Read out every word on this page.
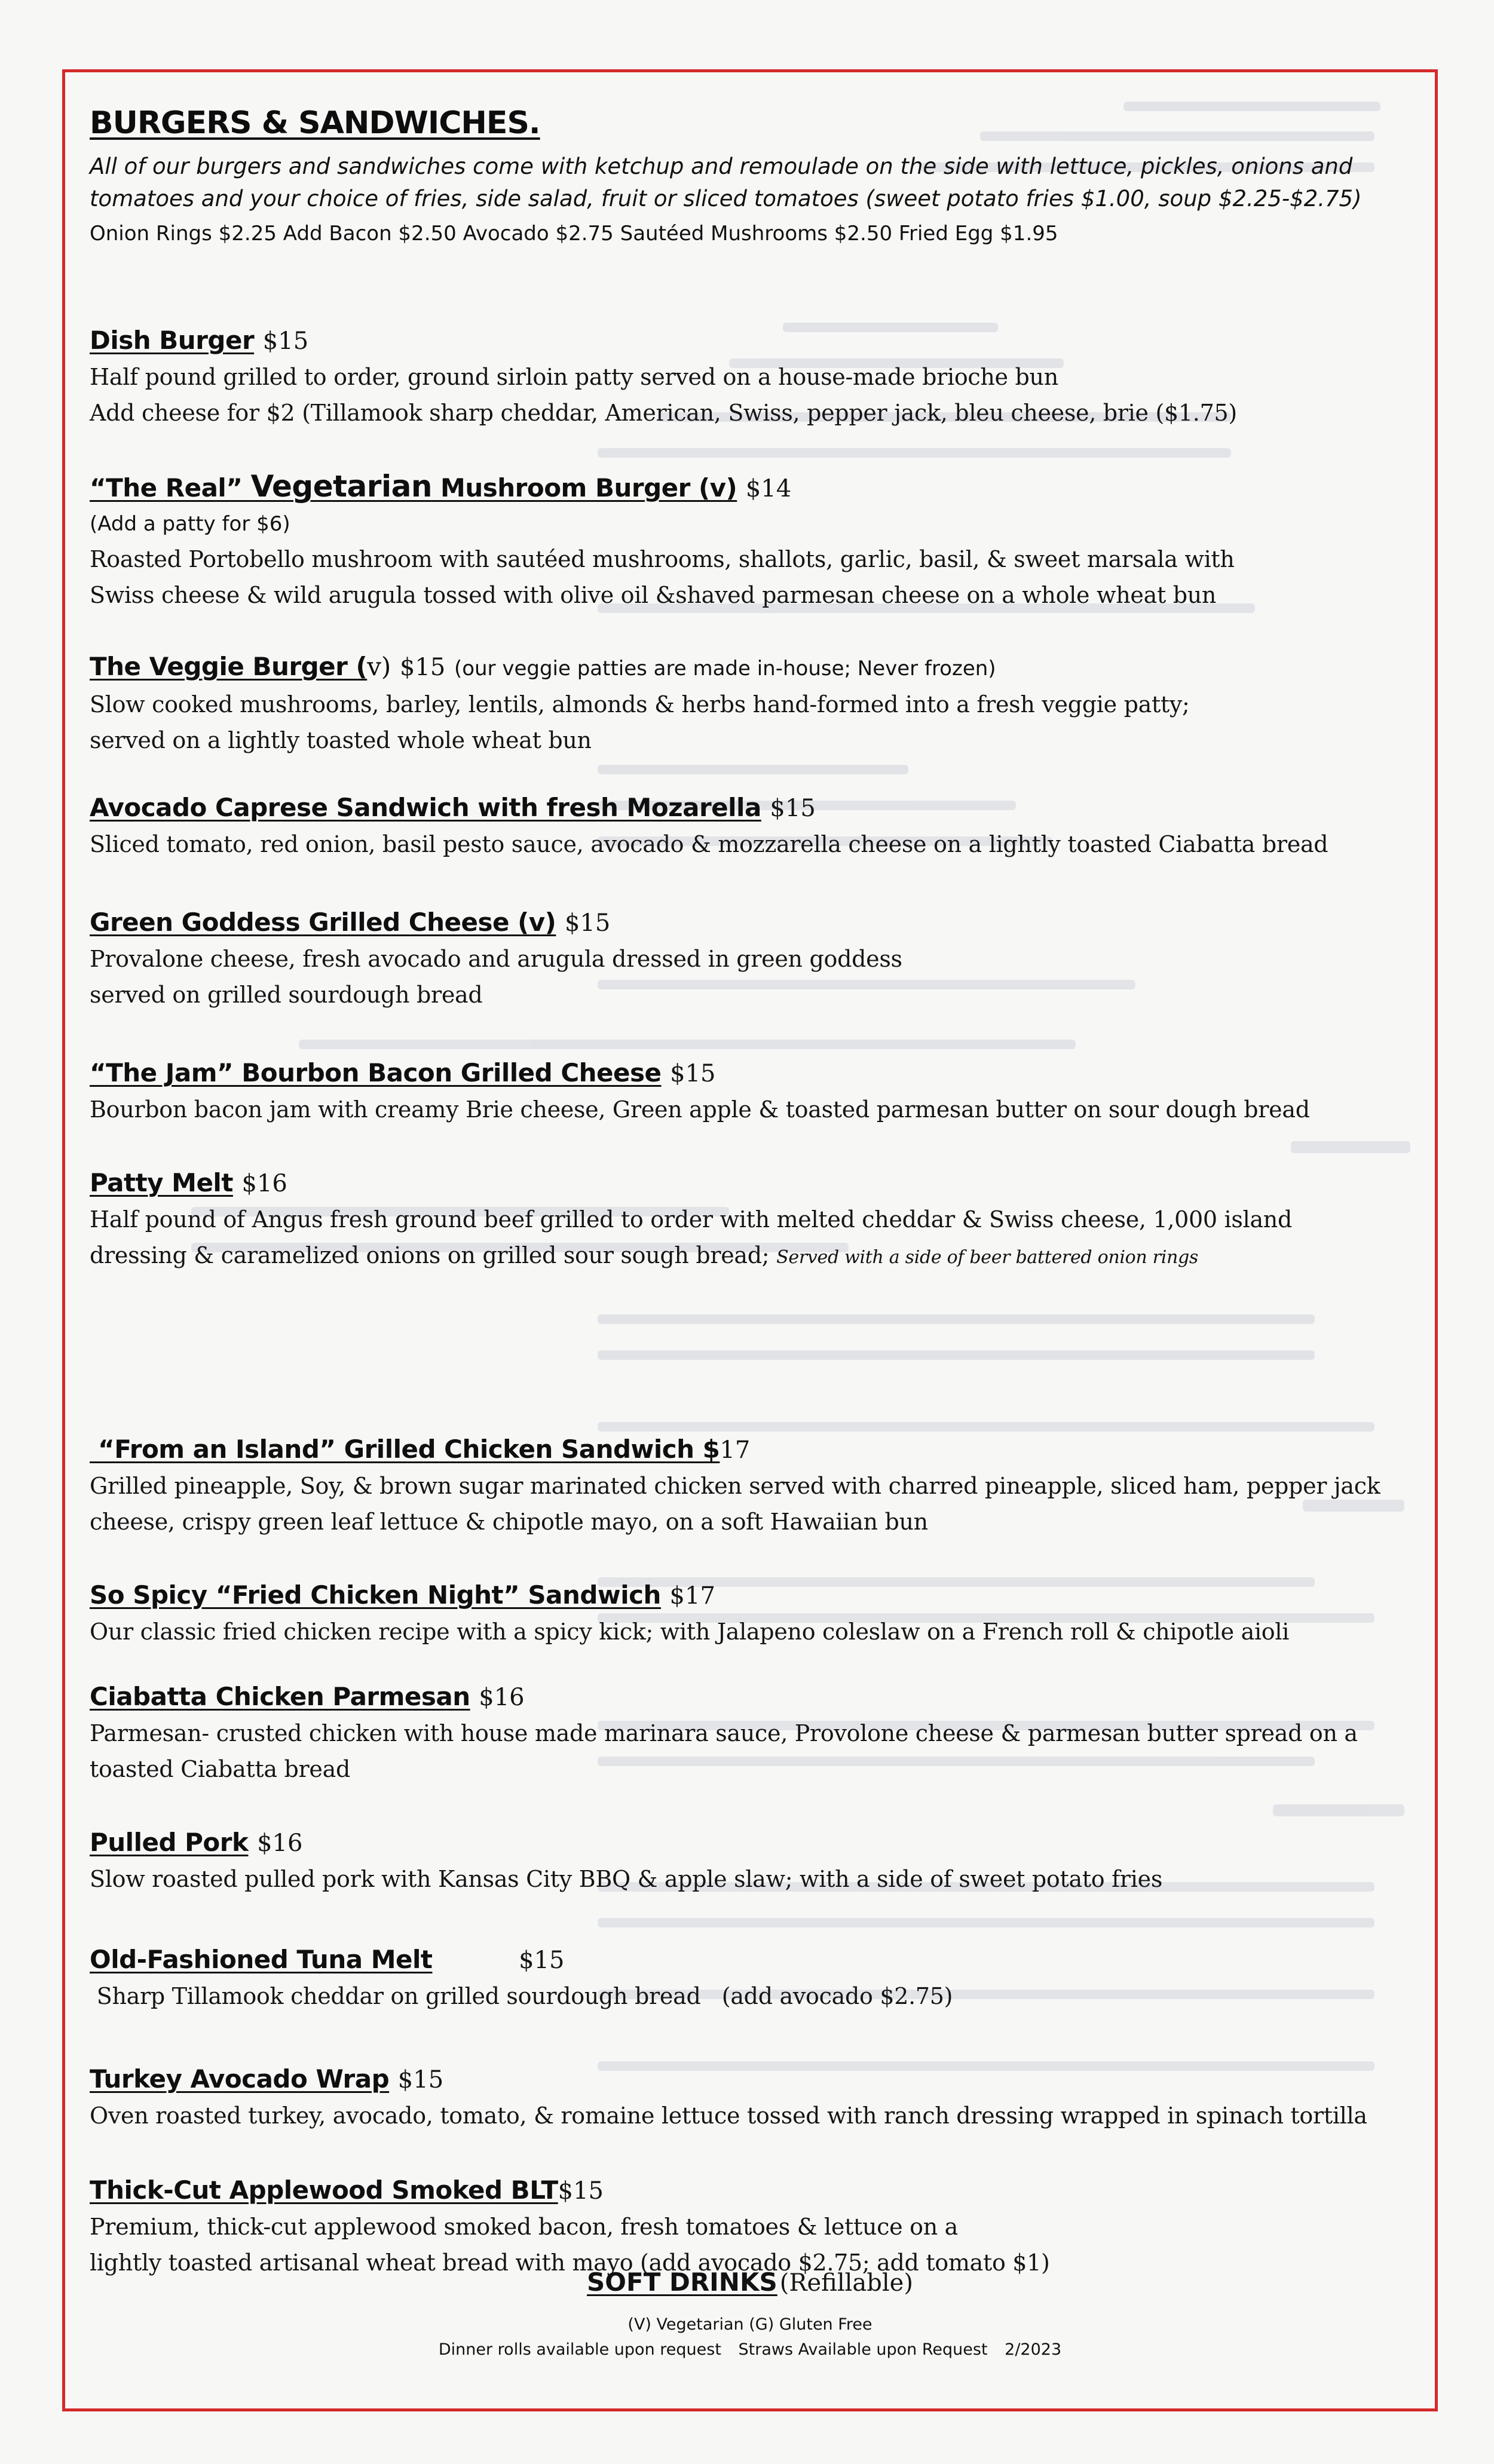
BURGERS & SANDWICHES.

All of our burgers and sandwiches come with ketchup and remoulade on the side with lettuce, pickles, onions and tomatoes and your choice of fries, side salad, fruit or sliced tomatoes (sweet potato fries $1.00, soup $2.25-$2.75)

Onion Rings $2.25 Add Bacon $2.50 Avocado $2.75 Sautéed Mushrooms $2.50 Fried Egg $1.95

Dish Burger $15
Half pound grilled to order, ground sirloin patty served on a house-made brioche bun
Add cheese for $2 (Tillamook sharp cheddar, American, Swiss, pepper jack, bleu cheese, brie ($1.75)
“The Real” Vegetarian Mushroom Burger (v) $14
(Add a patty for $6)
Roasted Portobello mushroom with sautéed mushrooms, shallots, garlic, basil, & sweet marsala with
Swiss cheese & wild arugula tossed with olive oil &shaved parmesan cheese on a whole wheat bun
The Veggie Burger (v) $15 (our veggie patties are made in-house; Never frozen)
Slow cooked mushrooms, barley, lentils, almonds & herbs hand-formed into a fresh veggie patty;
served on a lightly toasted whole wheat bun
Avocado Caprese Sandwich with fresh Mozarella $15
Sliced tomato, red onion, basil pesto sauce, avocado & mozzarella cheese on a lightly toasted Ciabatta bread
Green Goddess Grilled Cheese (v) $15
Provalone cheese, fresh avocado and arugula dressed in green goddess
served on grilled sourdough bread
“The Jam” Bourbon Bacon Grilled Cheese $15
Bourbon bacon jam with creamy Brie cheese, Green apple & toasted parmesan butter on sour dough bread
Patty Melt $16
Half pound of Angus fresh ground beef grilled to order with melted cheddar & Swiss cheese, 1,000 island
dressing & caramelized onions on grilled sour sough bread; Served with a side of beer battered onion rings
“From an Island” Grilled Chicken Sandwich $17
Grilled pineapple, Soy, & brown sugar marinated chicken served with charred pineapple, sliced ham, pepper jack
cheese, crispy green leaf lettuce & chipotle mayo, on a soft Hawaiian bun
So Spicy “Fried Chicken Night” Sandwich $17
Our classic fried chicken recipe with a spicy kick; with Jalapeno coleslaw on a French roll & chipotle aioli
Ciabatta Chicken Parmesan $16
Parmesan- crusted chicken with house made marinara sauce, Provolone cheese & parmesan butter spread on a
toasted Ciabatta bread
Pulled Pork $16
Slow roasted pulled pork with Kansas City BBQ & apple slaw; with a side of sweet potato fries
Old-Fashioned Tuna Melt	$15
Sharp Tillamook cheddar on grilled sourdough bread   (add avocado $2.75)
Turkey Avocado Wrap $15
Oven roasted turkey, avocado, tomato, & romaine lettuce tossed with ranch dressing wrapped in spinach tortilla
Thick-Cut Applewood Smoked BLT$15
Premium, thick-cut applewood smoked bacon, fresh tomatoes & lettuce on a
lightly toasted artisanal wheat bread with mayo (add avocado $2.75; add tomato $1)
SOFT DRINKS (Refillable)
(V) Vegetarian (G) Gluten Free
Dinner rolls available upon request Straws Available upon Request 2/2023
